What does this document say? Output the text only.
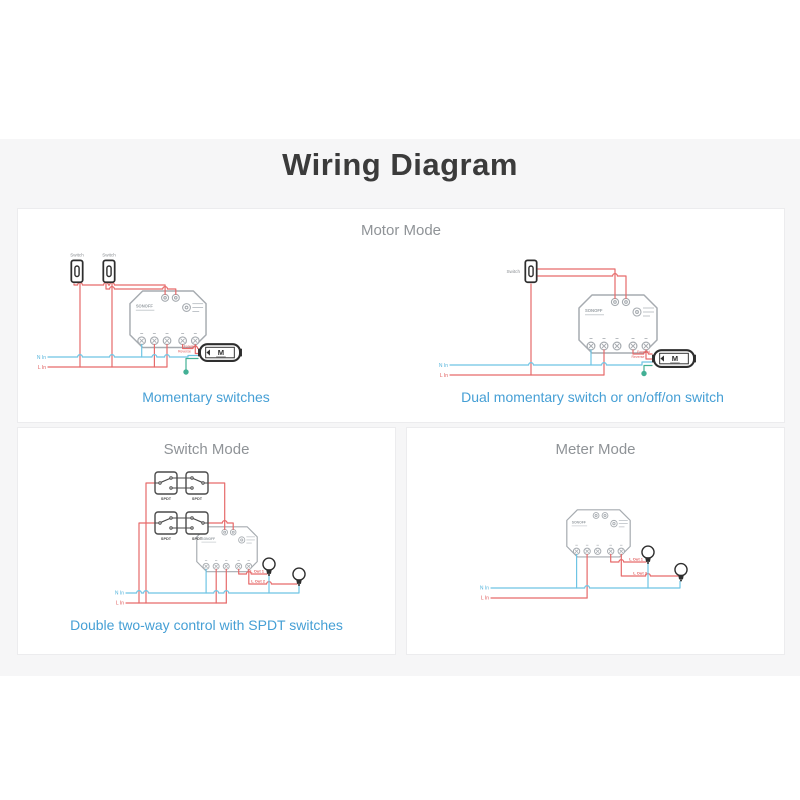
Wiring Diagram
Motor Mode
Switch	Switch
Forward
Reverse
N In
L In
Switch
Forward
Reverse
N In
L In
Momentary switches	Dual momentary switch or on/off/on switch
Switch Mode
SPDT	SPDT
SPDT	SPDT
L Out 1
L Out 2
N In
L In
Double two-way control with SPDT switches
Meter Mode
L Out 1
L Out 2
N In
L In
